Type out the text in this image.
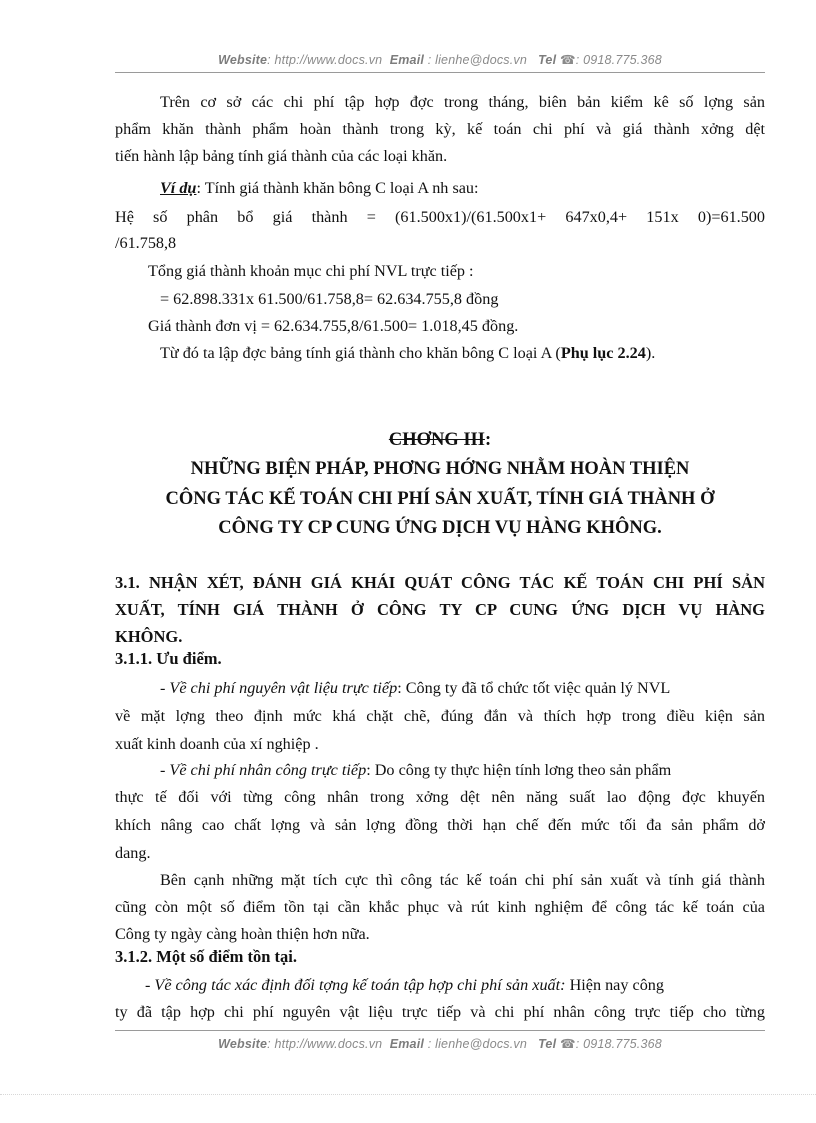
Website: http://www.docs.vn Email : lienhe@docs.vn Tel ☎: 0918.775.368
Trên cơ sở các chi phí tập hợp đợc trong tháng, biên bản kiểm kê số lợng sản
phẩm khăn thành phẩm hoàn thành trong kỳ, kế toán chi phí và giá thành xởng dệt
tiến hành lập bảng tính giá thành của các loại khăn.
Ví dụ: Tính giá thành khăn bông C loại A nh sau:
Hệ số phân bổ giá thành = (61.500x1)/(61.500x1+ 647x0,4+ 151x 0)=61.500
/61.758,8
Tổng giá thành khoản mục chi phí NVL trực tiếp :
= 62.898.331x 61.500/61.758,8= 62.634.755,8 đồng
Giá thành đơn vị = 62.634.755,8/61.500= 1.018,45 đồng.
Từ đó ta lập đợc bảng tính giá thành cho khăn bông C loại A (Phụ lục 2.24).
CHƠNG III:
NHỮNG BIỆN PHÁP, PHƠNG HỚNG NHẰM HOÀN THIỆN
CÔNG TÁC KẾ TOÁN CHI PHÍ SẢN XUẤT, TÍNH GIÁ THÀNH Ở
CÔNG TY CP CUNG ỨNG DỊCH VỤ HÀNG KHÔNG.
3.1. NHẬN XÉT, ĐÁNH GIÁ KHÁI QUÁT CÔNG TÁC KẾ TOÁN CHI PHÍ SẢN
XUẤT, TÍNH GIÁ THÀNH Ở CÔNG TY CP CUNG ỨNG DỊCH VỤ HÀNG
KHÔNG.
3.1.1. Ưu điểm.
- Về chi phí nguyên vật liệu trực tiếp: Công ty đã tổ chức tốt việc quản lý NVL
về mặt lợng theo định mức khá chặt chẽ, đúng đắn và thích hợp trong điều kiện sản
xuất kinh doanh của xí nghiệp .
- Về chi phí nhân công trực tiếp: Do công ty thực hiện tính lơng theo sản phẩm
thực tế đối với từng công nhân trong xởng dệt nên năng suất lao động đợc khuyến
khích nâng cao chất lợng và sản lợng đồng thời hạn chế đến mức tối đa sản phẩm dở
dang.
Bên cạnh những mặt tích cực thì công tác kế toán chi phí sản xuất và tính giá thành
cũng còn một số điểm tồn tại cần khắc phục và rút kinh nghiệm để công tác kế toán của
Công ty ngày càng hoàn thiện hơn nữa.
3.1.2. Một số điểm tồn tại.
- Về công tác xác định đối tợng kế toán tập hợp chi phí sản xuất: Hiện nay công
ty đã tập hợp chi phí nguyên vật liệu trực tiếp và chi phí nhân công trực tiếp cho từng
Website: http://www.docs.vn Email : lienhe@docs.vn Tel ☎: 0918.775.368
